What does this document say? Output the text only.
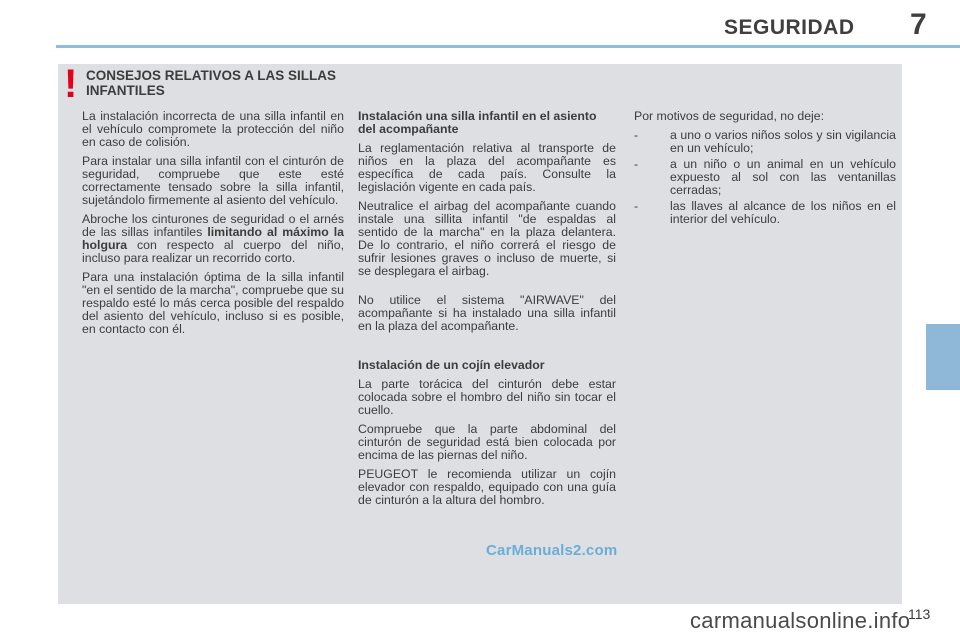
SEGURIDAD 7
! CONSEJOS RELATIVOS A LAS SILLAS INFANTILES

La instalación incorrecta de una silla infantil en el vehículo compromete la protección del niño en caso de colisión.

Para instalar una silla infantil con el cinturón de seguridad, compruebe que este esté correctamente tensado sobre la silla infantil, sujetándolo firmemente al asiento del vehículo.

Abroche los cinturones de seguridad o el arnés de las sillas infantiles limitando al máximo la holgura con respecto al cuerpo del niño, incluso para realizar un recorrido corto.

Para una instalación óptima de la silla infantil "en el sentido de la marcha", compruebe que su respaldo esté lo más cerca posible del respaldo del asiento del vehículo, incluso si es posible, en contacto con él.

Instalación una silla infantil en el asiento del acompañante

La reglamentación relativa al transporte de niños en la plaza del acompañante es específica de cada país. Consulte la legislación vigente en cada país.

Neutralice el airbag del acompañante cuando instale una sillita infantil "de espaldas al sentido de la marcha" en la plaza delantera. De lo contrario, el niño correrá el riesgo de sufrir lesiones graves o incluso de muerte, si se desplegara el airbag.

No utilice el sistema "AIRWAVE" del acompañante si ha instalado una silla infantil en la plaza del acompañante.

Instalación de un cojín elevador

La parte torácica del cinturón debe estar colocada sobre el hombro del niño sin tocar el cuello.

Compruebe que la parte abdominal del cinturón de seguridad está bien colocada por encima de las piernas del niño.

PEUGEOT le recomienda utilizar un cojín elevador con respaldo, equipado con una guía de cinturón a la altura del hombro.

Por motivos de seguridad, no deje:

-	a uno o varios niños solos y sin vigilancia en un vehículo;
-	a un niño o un animal en un vehículo expuesto al sol con las ventanillas cerradas;
-	las llaves al alcance de los niños en el interior del vehículo.
CarManuals2.com
113
carmanualsonline.info
